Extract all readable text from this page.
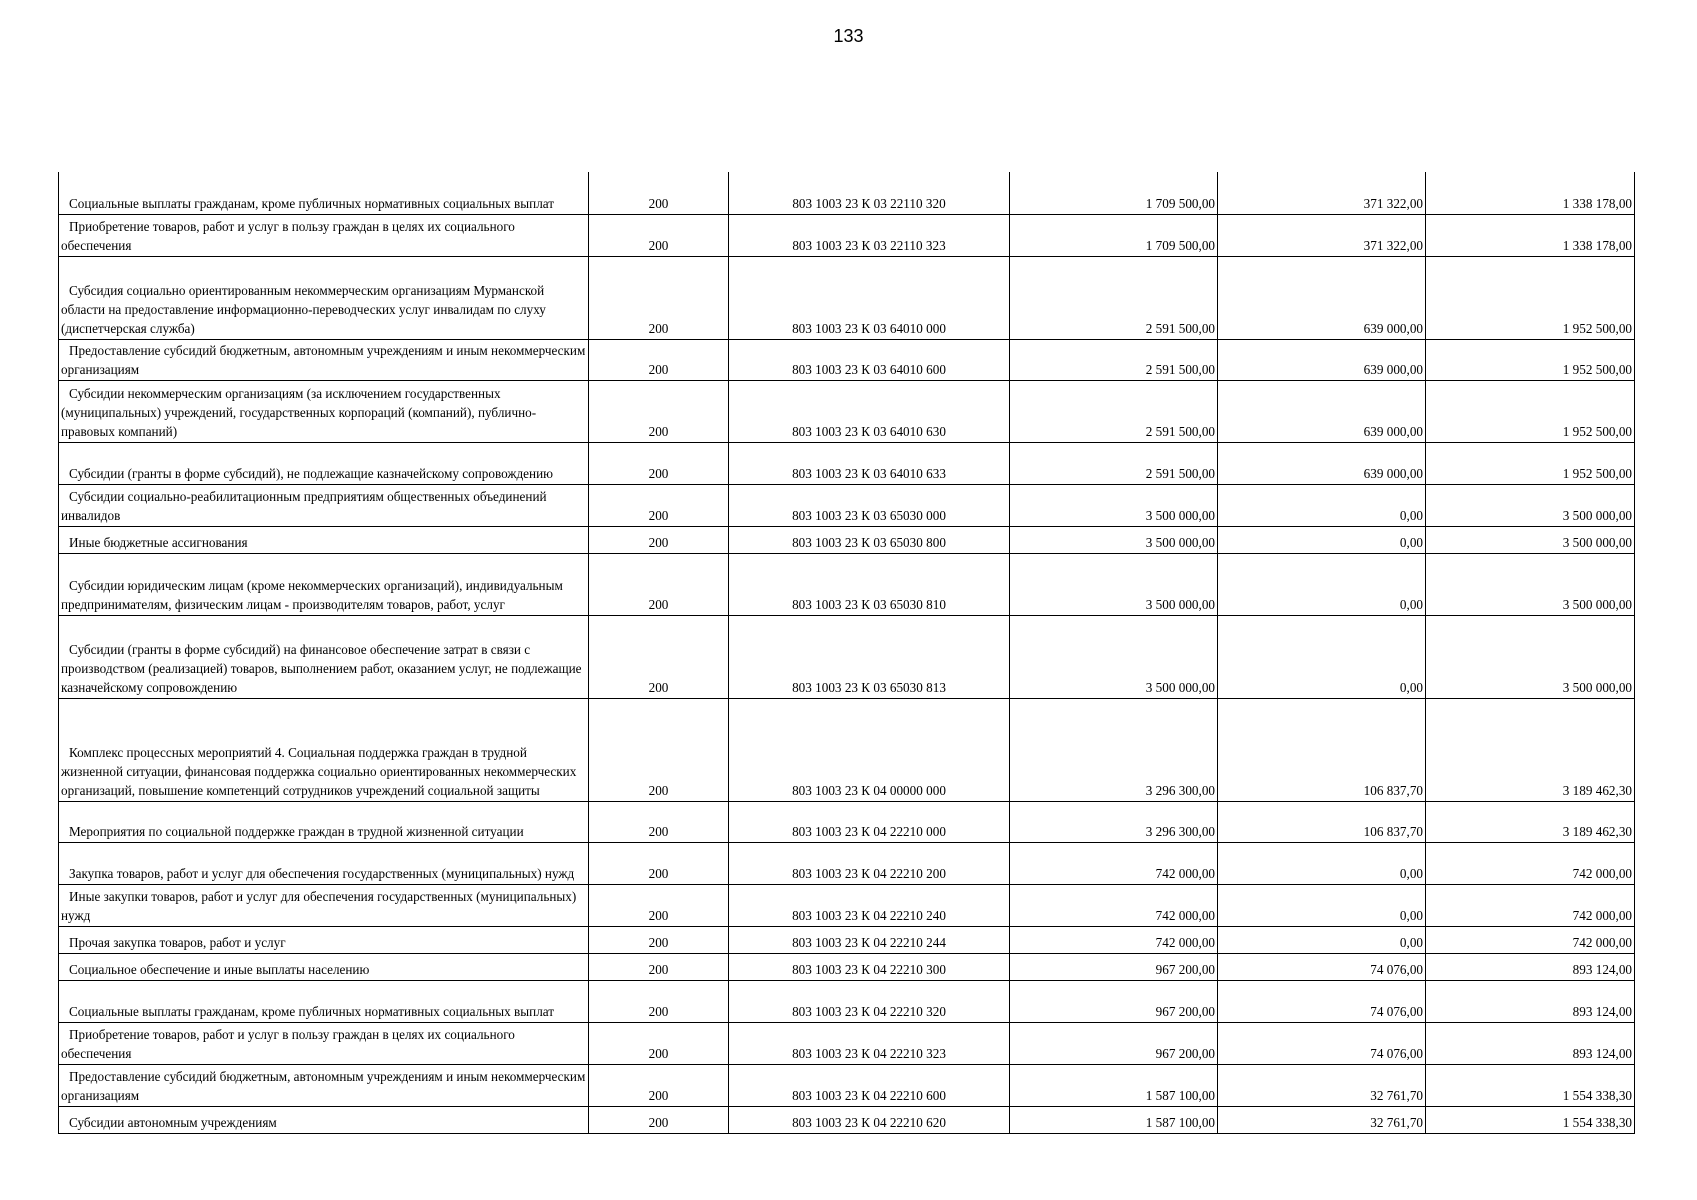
133
Социальные выплаты гражданам, кроме публичных нормативных социальных выплат	200	803 1003 23 К 03 22110 320	1 709 500,00	371 322,00	1 338 178,00
Приобретение товаров, работ и услуг в пользу граждан в целях их социального обеспечения	200	803 1003 23 К 03 22110 323	1 709 500,00	371 322,00	1 338 178,00
Субсидия социально ориентированным некоммерческим организациям Мурманской области на предоставление информационно-переводческих услуг инвалидам по слуху (диспетчерская служба)	200	803 1003 23 К 03 64010 000	2 591 500,00	639 000,00	1 952 500,00
Предоставление субсидий бюджетным, автономным учреждениям и иным некоммерческим организациям	200	803 1003 23 К 03 64010 600	2 591 500,00	639 000,00	1 952 500,00
Субсидии некоммерческим организациям (за исключением государственных (муниципальных) учреждений, государственных корпораций (компаний), публично-правовых компаний)	200	803 1003 23 К 03 64010 630	2 591 500,00	639 000,00	1 952 500,00
Субсидии (гранты в форме субсидий), не подлежащие казначейскому сопровождению	200	803 1003 23 К 03 64010 633	2 591 500,00	639 000,00	1 952 500,00
Субсидии социально-реабилитационным предприятиям общественных объединений инвалидов	200	803 1003 23 К 03 65030 000	3 500 000,00	0,00	3 500 000,00
Иные бюджетные ассигнования	200	803 1003 23 К 03 65030 800	3 500 000,00	0,00	3 500 000,00
Субсидии юридическим лицам (кроме некоммерческих организаций), индивидуальным предпринимателям, физическим лицам - производителям товаров, работ, услуг	200	803 1003 23 К 03 65030 810	3 500 000,00	0,00	3 500 000,00
Субсидии (гранты в форме субсидий) на финансовое обеспечение затрат в связи с производством (реализацией) товаров, выполнением работ, оказанием услуг, не подлежащие казначейскому сопровождению	200	803 1003 23 К 03 65030 813	3 500 000,00	0,00	3 500 000,00
Комплекс процессных мероприятий 4. Социальная поддержка граждан в трудной жизненной ситуации, финансовая поддержка социально ориентированных некоммерческих организаций, повышение компетенций сотрудников учреждений социальной защиты	200	803 1003 23 К 04 00000 000	3 296 300,00	106 837,70	3 189 462,30
Мероприятия по социальной поддержке граждан в трудной жизненной ситуации	200	803 1003 23 К 04 22210 000	3 296 300,00	106 837,70	3 189 462,30
Закупка товаров, работ и услуг для обеспечения государственных (муниципальных) нужд	200	803 1003 23 К 04 22210 200	742 000,00	0,00	742 000,00
Иные закупки товаров, работ и услуг для обеспечения государственных (муниципальных) нужд	200	803 1003 23 К 04 22210 240	742 000,00	0,00	742 000,00
Прочая закупка товаров, работ и услуг	200	803 1003 23 К 04 22210 244	742 000,00	0,00	742 000,00
Социальное обеспечение и иные выплаты населению	200	803 1003 23 К 04 22210 300	967 200,00	74 076,00	893 124,00
Социальные выплаты гражданам, кроме публичных нормативных социальных выплат	200	803 1003 23 К 04 22210 320	967 200,00	74 076,00	893 124,00
Приобретение товаров, работ и услуг в пользу граждан в целях их социального обеспечения	200	803 1003 23 К 04 22210 323	967 200,00	74 076,00	893 124,00
Предоставление субсидий бюджетным, автономным учреждениям и иным некоммерческим организациям	200	803 1003 23 К 04 22210 600	1 587 100,00	32 761,70	1 554 338,30
Субсидии автономным учреждениям	200	803 1003 23 К 04 22210 620	1 587 100,00	32 761,70	1 554 338,30
